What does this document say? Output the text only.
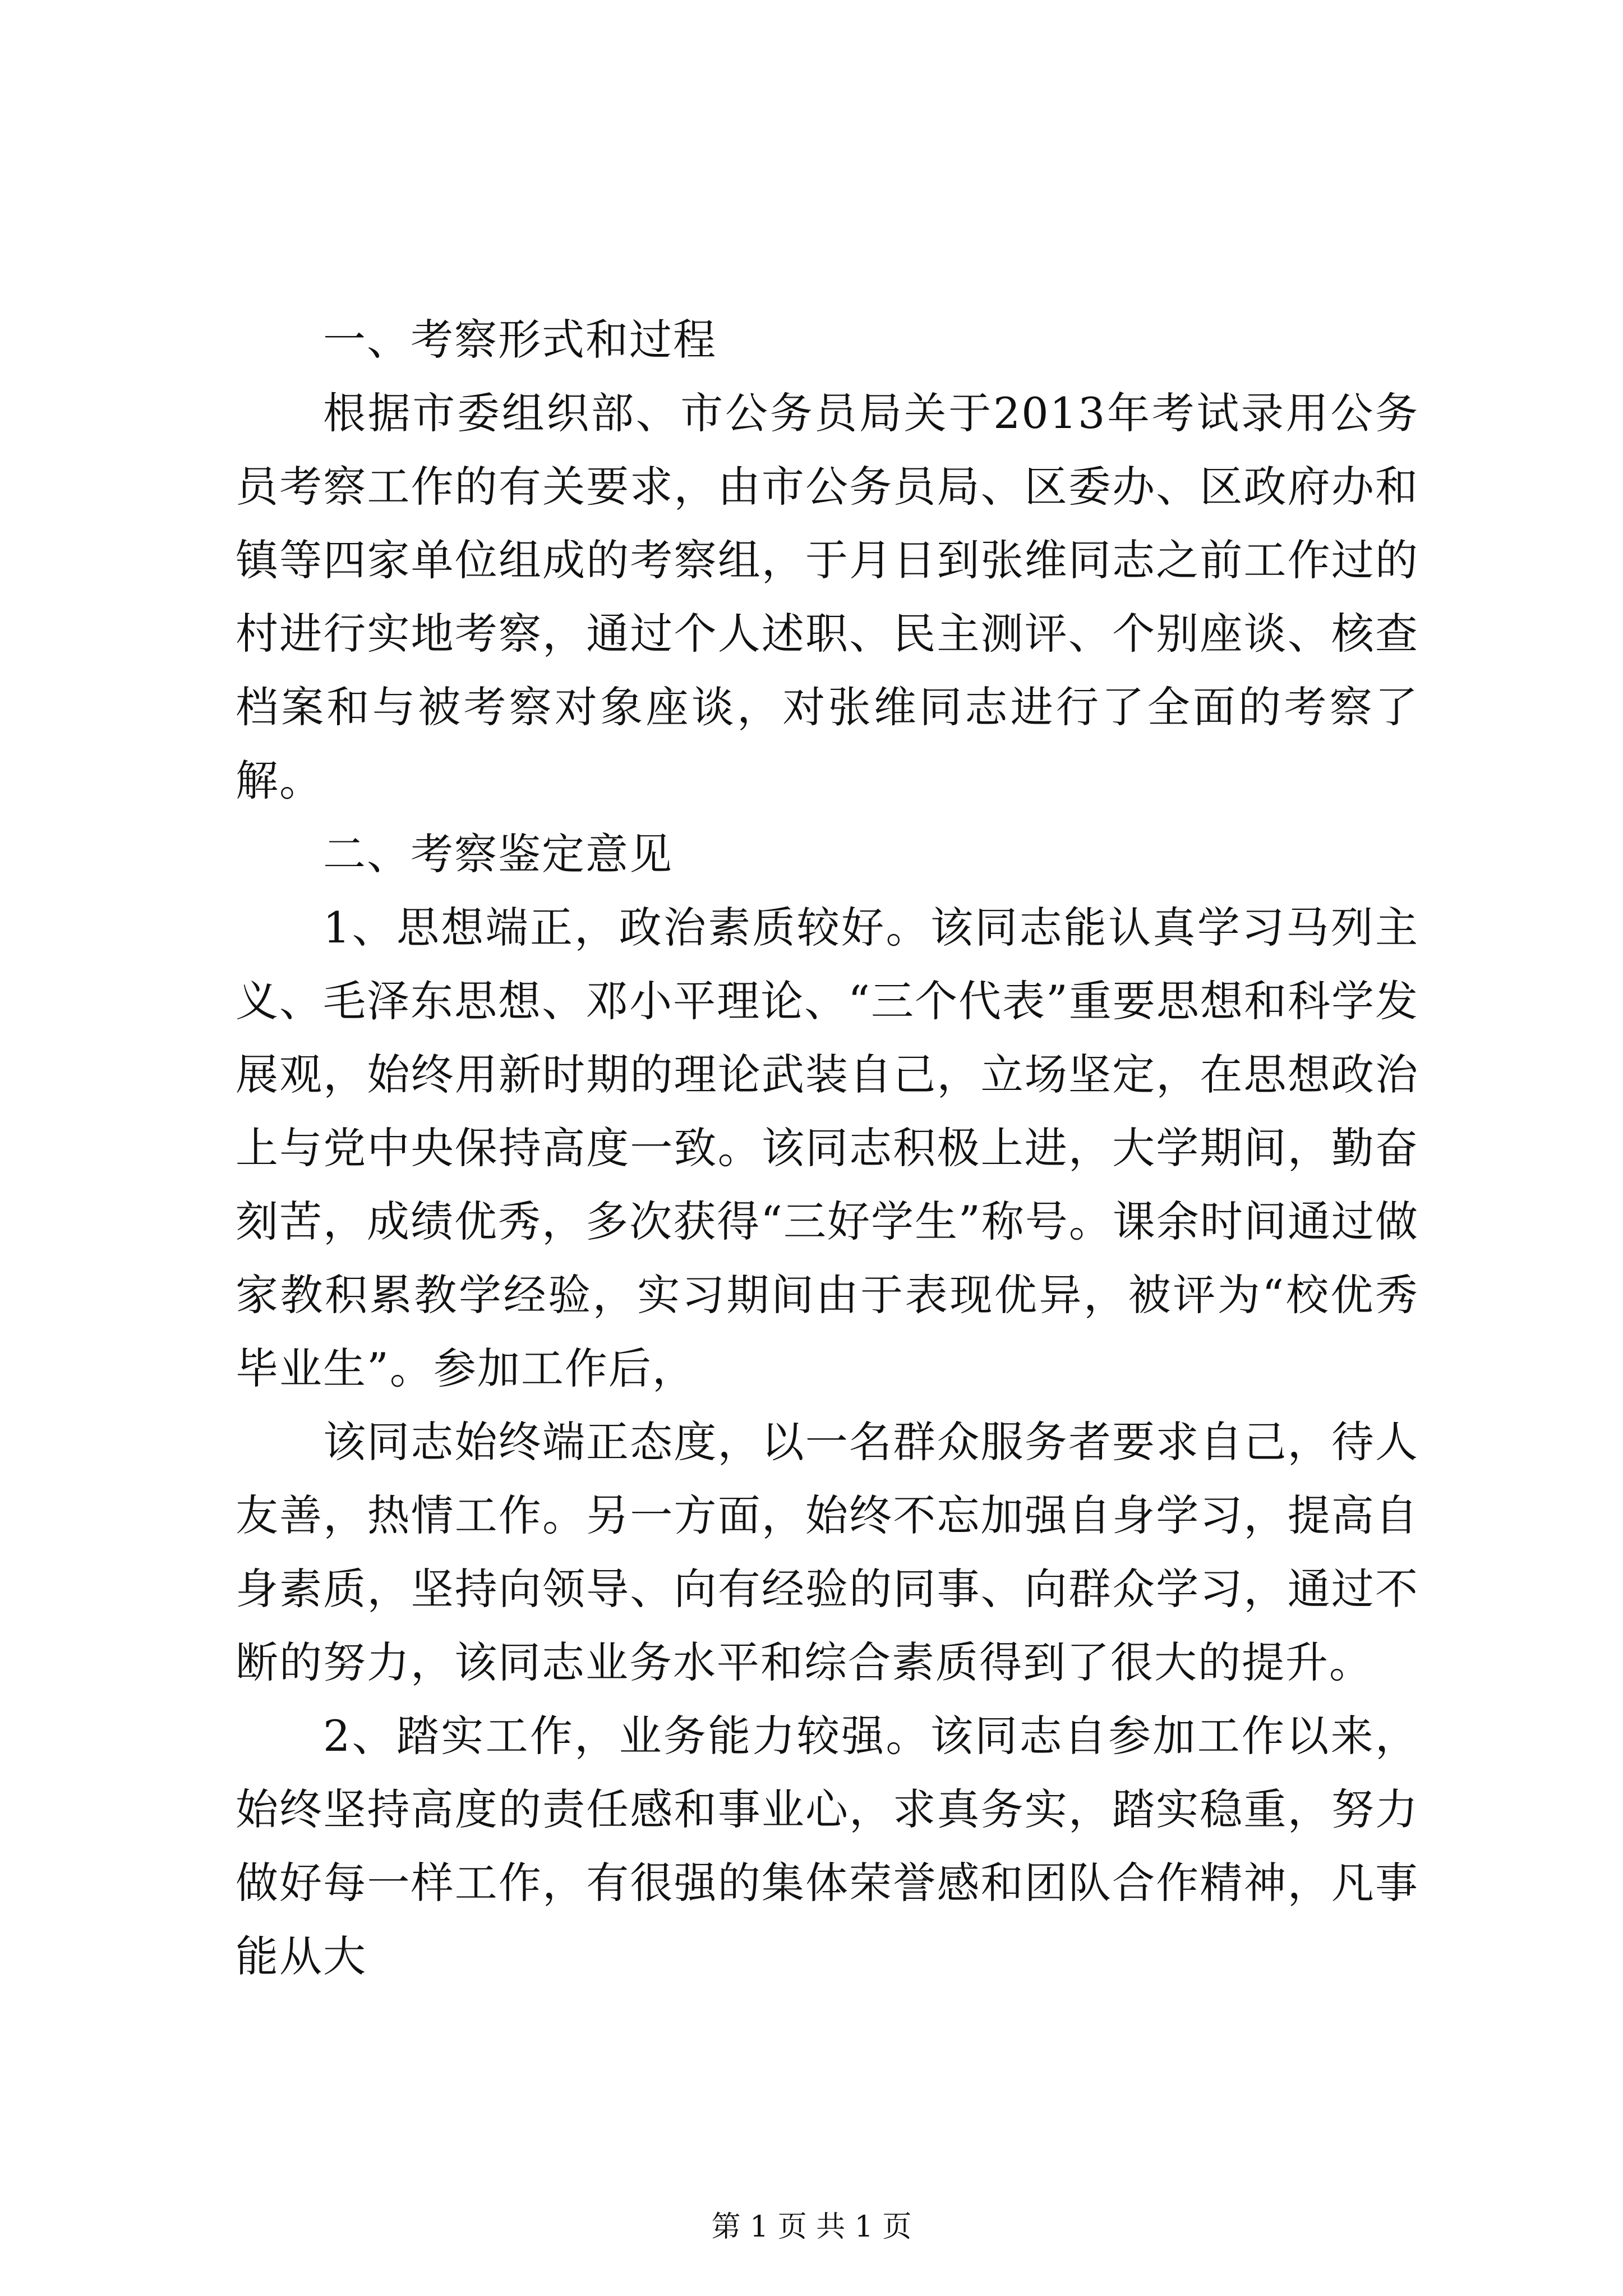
一、考察形式和过程

根据市委组织部、市公务员局关于2013年考试录用公务员考察工作的有关要求，由市公务员局、区委办、区政府办和镇等四家单位组成的考察组，于月日到张维同志之前工作过的村进行实地考察，通过个人述职、民主测评、个别座谈、核查档案和与被考察对象座谈，对张维同志进行了全面的考察了解。

二、考察鉴定意见

1、思想端正，政治素质较好。该同志能认真学习马列主义、毛泽东思想、邓小平理论、“三个代表”重要思想和科学发展观，始终用新时期的理论武装自己，立场坚定，在思想政治上与党中央保持高度一致。该同志积极上进，大学期间，勤奋刻苦，成绩优秀，多次获得“三好学生”称号。课余时间通过做家教积累教学经验，实习期间由于表现优异，被评为“校优秀毕业生”。参加工作后，

该同志始终端正态度，以一名群众服务者要求自己，待人友善，热情工作。另一方面，始终不忘加强自身学习，提高自身素质，坚持向领导、向有经验的同事、向群众学习，通过不断的努力，该同志业务水平和综合素质得到了很大的提升。

2、踏实工作，业务能力较强。该同志自参加工作以来，始终坚持高度的责任感和事业心，求真务实，踏实稳重，努力做好每一样工作，有很强的集体荣誉感和团队合作精神，凡事能从大

第 1 页 共 1 页
